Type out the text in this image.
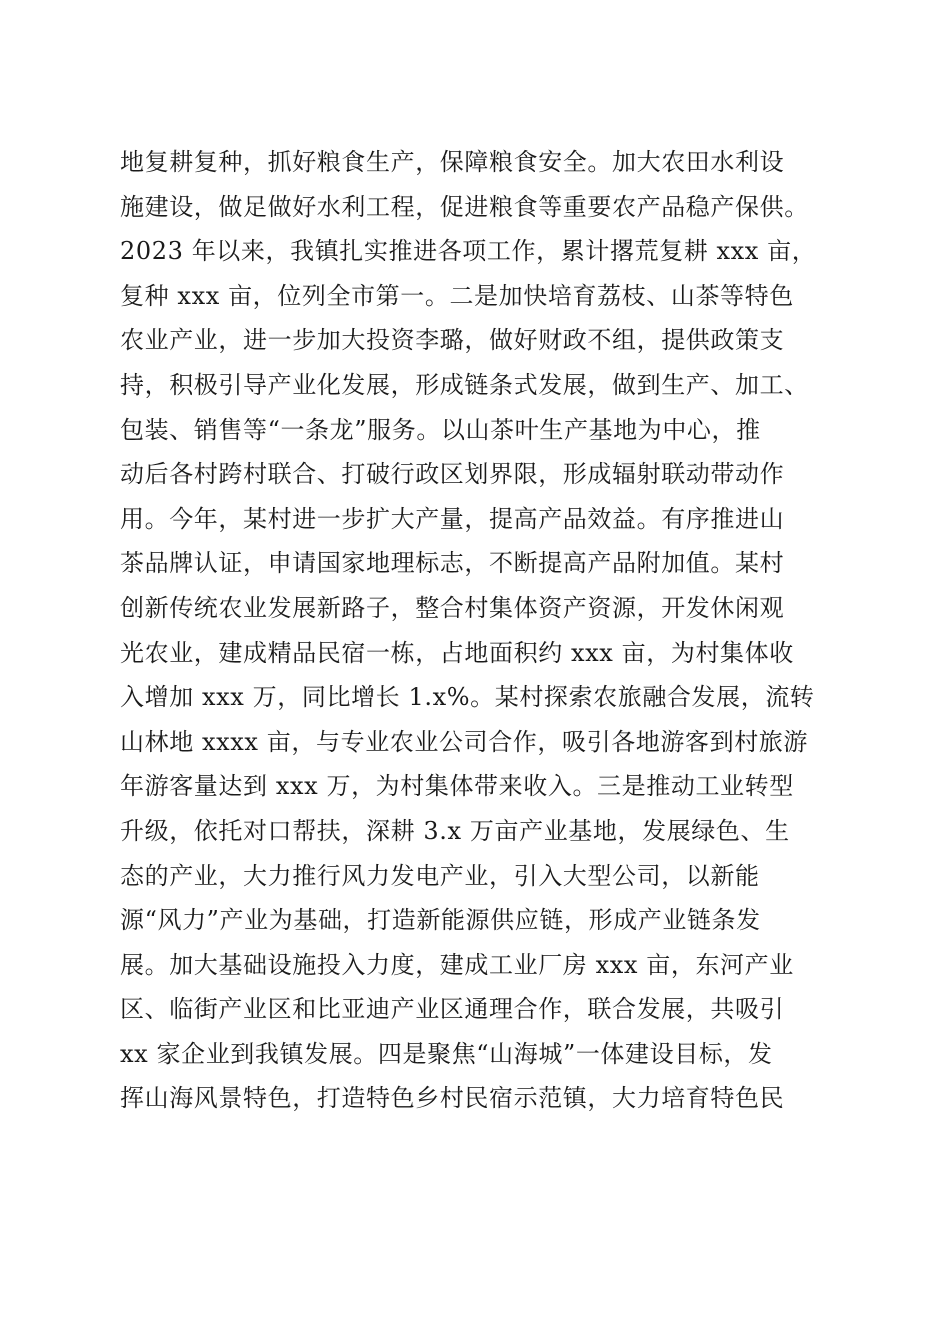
地复耕复种，抓好粮食生产，保障粮食安全。加大农田水利设
施建设，做足做好水利工程，促进粮食等重要农产品稳产保供。
2023 年以来，我镇扎实推进各项工作，累计撂荒复耕 xxx 亩，
复种 xxx 亩，位列全市第一。二是加快培育荔枝、山茶等特色
农业产业，进一步加大投资李璐，做好财政不组，提供政策支
持，积极引导产业化发展，形成链条式发展，做到生产、加工、
包装、销售等“一条龙”服务。以山茶叶生产基地为中心，推
动后各村跨村联合、打破行政区划界限，形成辐射联动带动作
用。今年，某村进一步扩大产量，提高产品效益。有序推进山
茶品牌认证，申请国家地理标志，不断提高产品附加值。某村
创新传统农业发展新路子，整合村集体资产资源，开发休闲观
光农业，建成精品民宿一栋，占地面积约 xxx 亩，为村集体收
入增加 xxx 万，同比增长 1.x%。某村探索农旅融合发展，流转
山林地 xxxx 亩，与专业农业公司合作，吸引各地游客到村旅游
年游客量达到 xxx 万，为村集体带来收入。三是推动工业转型
升级，依托对口帮扶，深耕 3.x 万亩产业基地，发展绿色、生
态的产业，大力推行风力发电产业，引入大型公司，以新能
源“风力”产业为基础，打造新能源供应链，形成产业链条发
展。加大基础设施投入力度，建成工业厂房 xxx 亩，东河产业
区、临街产业区和比亚迪产业区通理合作，联合发展，共吸引
xx 家企业到我镇发展。四是聚焦“山海城”一体建设目标，发
挥山海风景特色，打造特色乡村民宿示范镇，大力培育特色民
